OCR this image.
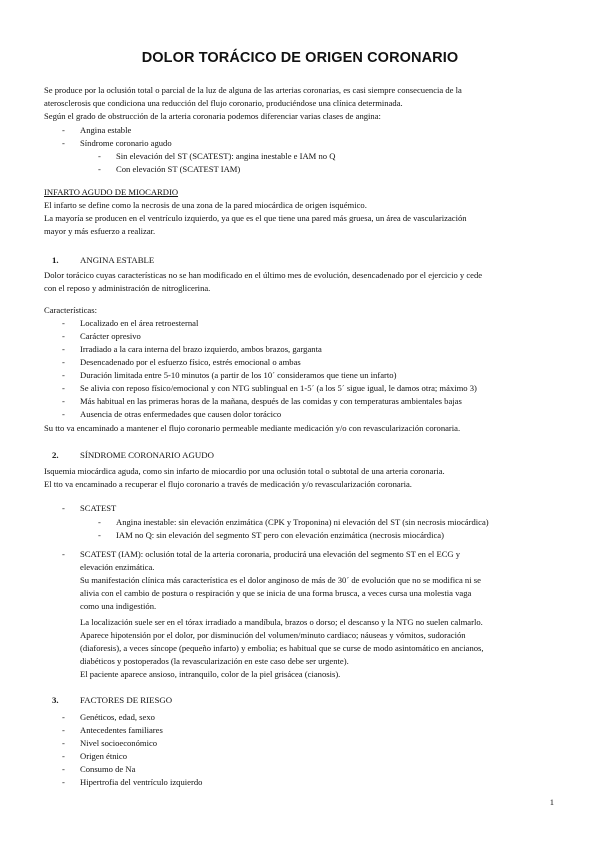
DOLOR TORÁCICO DE ORIGEN CORONARIO
Se produce por la oclusión total o parcial de la luz de alguna de las arterias coronarias, es casi siempre consecuencia de la
aterosclerosis que condiciona una reducción del flujo coronario, produciéndose una clínica determinada.
Según el grado de obstrucción de la arteria coronaria podemos diferenciar varias clases de angina:
- Angina estable
- Síndrome coronario agudo
- Sin elevación del ST (SCATEST): angina inestable e IAM no Q
- Con elevación ST (SCATEST IAM)
INFARTO AGUDO DE MIOCARDIO
El infarto se define como la necrosis de una zona de la pared miocárdica de origen isquémico.
La mayoría se producen en el ventrículo izquierdo, ya que es el que tiene una pared más gruesa, un área de vascularización
mayor y más esfuerzo a realizar.
1. ANGINA ESTABLE
Dolor torácico cuyas características no se han modificado en el último mes de evolución, desencadenado por el ejercicio y cede
con el reposo y administración de nitroglicerina.
Características:
- Localizado en el área retroesternal
- Carácter opresivo
- Irradiado a la cara interna del brazo izquierdo, ambos brazos, garganta
- Desencadenado por el esfuerzo físico, estrés emocional o ambas
- Duración limitada entre 5-10 minutos (a partir de los 10´ consideramos que tiene un infarto)
- Se alivia con reposo físico/emocional y con NTG sublingual en 1-5´ (a los 5´ sigue igual, le damos otra; máximo 3)
- Más habitual en las primeras horas de la mañana, después de las comidas y con temperaturas ambientales bajas
- Ausencia de otras enfermedades que causen dolor torácico
Su tto va encaminado a mantener el flujo coronario permeable mediante medicación y/o con revascularización coronaria.
2. SÍNDROME CORONARIO AGUDO
Isquemia miocárdica aguda, como sin infarto de miocardio por una oclusión total o subtotal de una arteria coronaria.
El tto va encaminado a recuperar el flujo coronario a través de medicación y/o revascularización coronaria.
- SCATEST
- Angina inestable: sin elevación enzimática (CPK y Troponina) ni elevación del ST (sin necrosis miocárdica)
- IAM no Q: sin elevación del segmento ST pero con elevación enzimática (necrosis miocárdica)
- SCATEST (IAM): oclusión total de la arteria coronaria, producirá una elevación del segmento ST en el ECG y
elevación enzimática.
Su manifestación clínica más característica es el dolor anginoso de más de 30´ de evolución que no se modifica ni se
alivia con el cambio de postura o respiración y que se inicia de una forma brusca, a veces cursa una molestia vaga
como una indigestión.
La localización suele ser en el tórax irradiado a mandíbula, brazos o dorso; el descanso y la NTG no suelen calmarlo.
Aparece hipotensión por el dolor, por disminución del volumen/minuto cardiaco; náuseas y vómitos, sudoración
(diaforesis), a veces síncope (pequeño infarto) y embolia; es habitual que se curse de modo asintomático en ancianos,
diabéticos y postoperados (la revascularización en este caso debe ser urgente).
El paciente aparece ansioso, intranquilo, color de la piel grisácea (cianosis).
3. FACTORES DE RIESGO
- Genéticos, edad, sexo
- Antecedentes familiares
- Nivel socioeconómico
- Origen étnico
- Consumo de Na
- Hipertrofia del ventrículo izquierdo
1
